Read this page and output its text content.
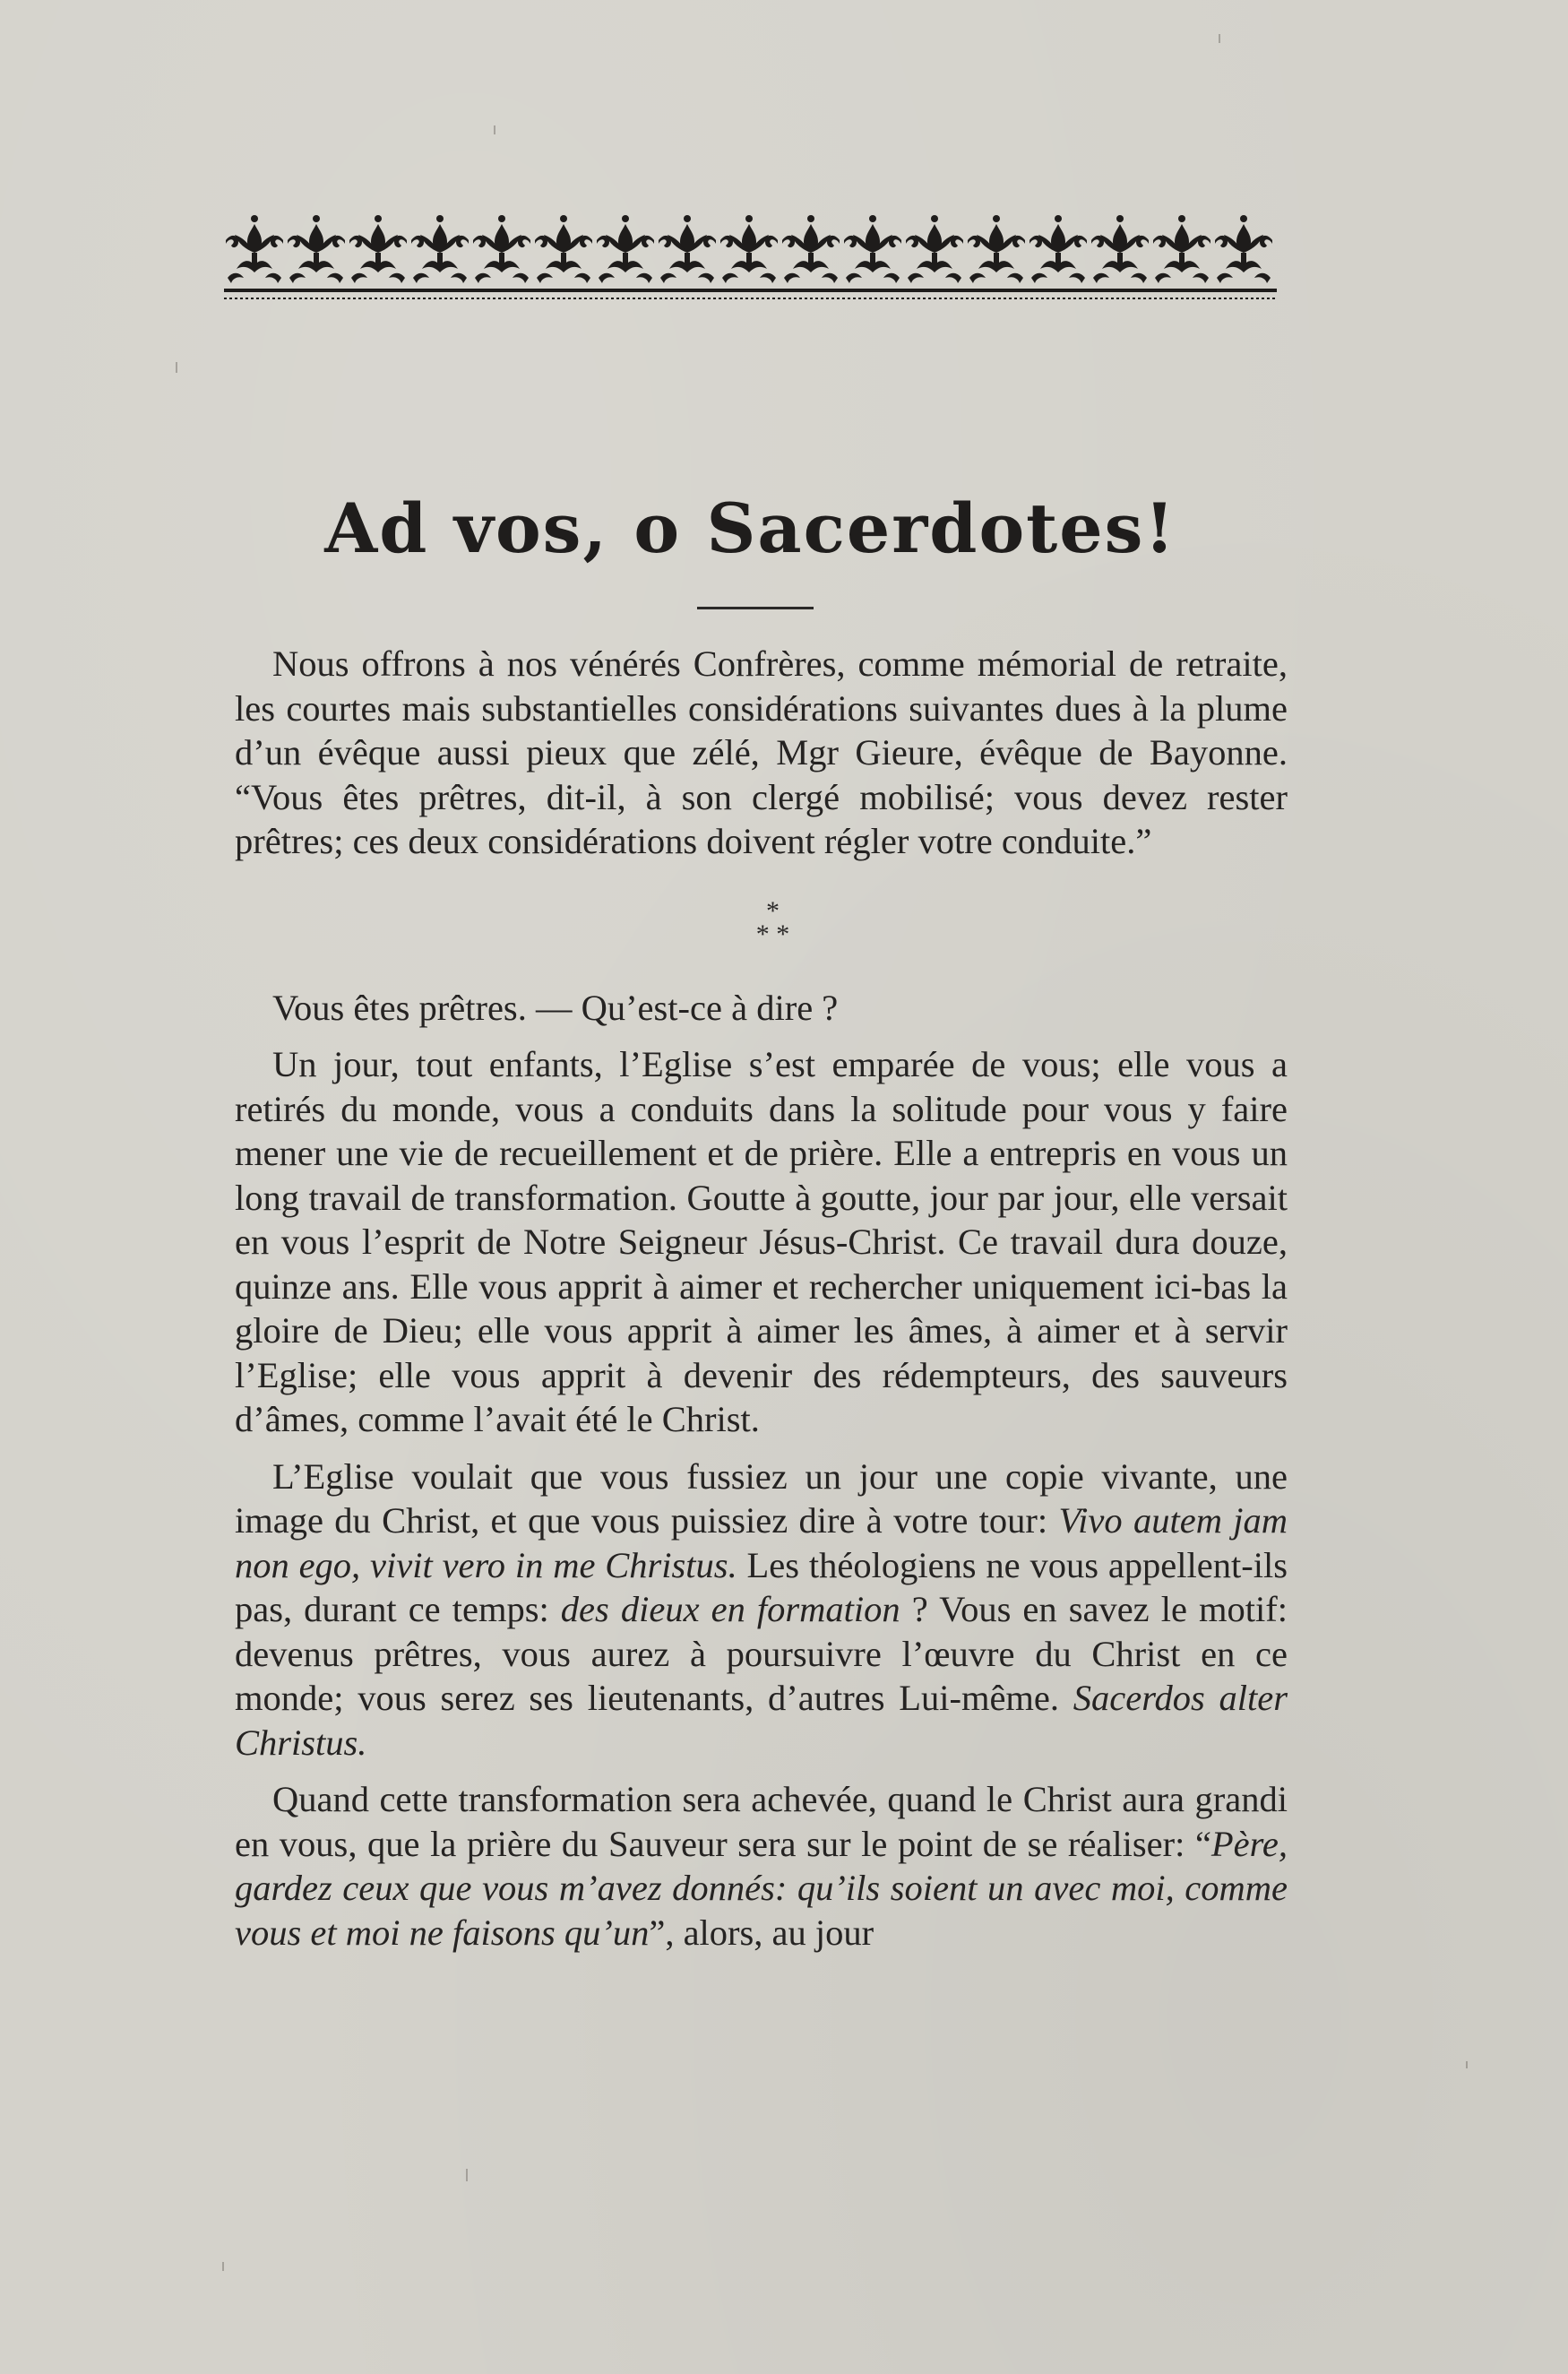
Ad vos, o Sacerdotes!

Nous offrons à nos vénérés Confrères, comme mémorial de retraite, les courtes mais substantielles considérations suivantes dues à la plume d’un évêque aussi pieux que zélé, Mgr Gieure, évêque de Bayonne. “Vous êtes prêtres, dit-il, à son clergé mobilisé; vous devez rester prêtres; ces deux considérations doivent régler votre conduite.”

*
* *

Vous êtes prêtres. — Qu’est-ce à dire ?

Un jour, tout enfants, l’Eglise s’est emparée de vous; elle vous a retirés du monde, vous a conduits dans la solitude pour vous y faire mener une vie de recueillement et de prière. Elle a entrepris en vous un long travail de transformation. Goutte à goutte, jour par jour, elle versait en vous l’esprit de Notre Seigneur Jésus-Christ. Ce travail dura douze, quinze ans. Elle vous apprit à aimer et rechercher uniquement ici-bas la gloire de Dieu; elle vous apprit à aimer les âmes, à aimer et à servir l’Eglise; elle vous apprit à devenir des rédempteurs, des sauveurs d’âmes, comme l’avait été le Christ.

L’Eglise voulait que vous fussiez un jour une copie vivante, une image du Christ, et que vous puissiez dire à votre tour: Vivo autem jam non ego, vivit vero in me Christus. Les théologiens ne vous appellent-ils pas, durant ce temps: des dieux en formation ? Vous en savez le motif: devenus prêtres, vous aurez à poursuivre l’œuvre du Christ en ce monde; vous serez ses lieutenants, d’autres Lui-même. Sacerdos alter Christus.

Quand cette transformation sera achevée, quand le Christ aura grandi en vous, que la prière du Sauveur sera sur le point de se réaliser: “Père, gardez ceux que vous m’avez donnés: qu’ils soient un avec moi, comme vous et moi ne faisons qu’un”, alors, au jour
